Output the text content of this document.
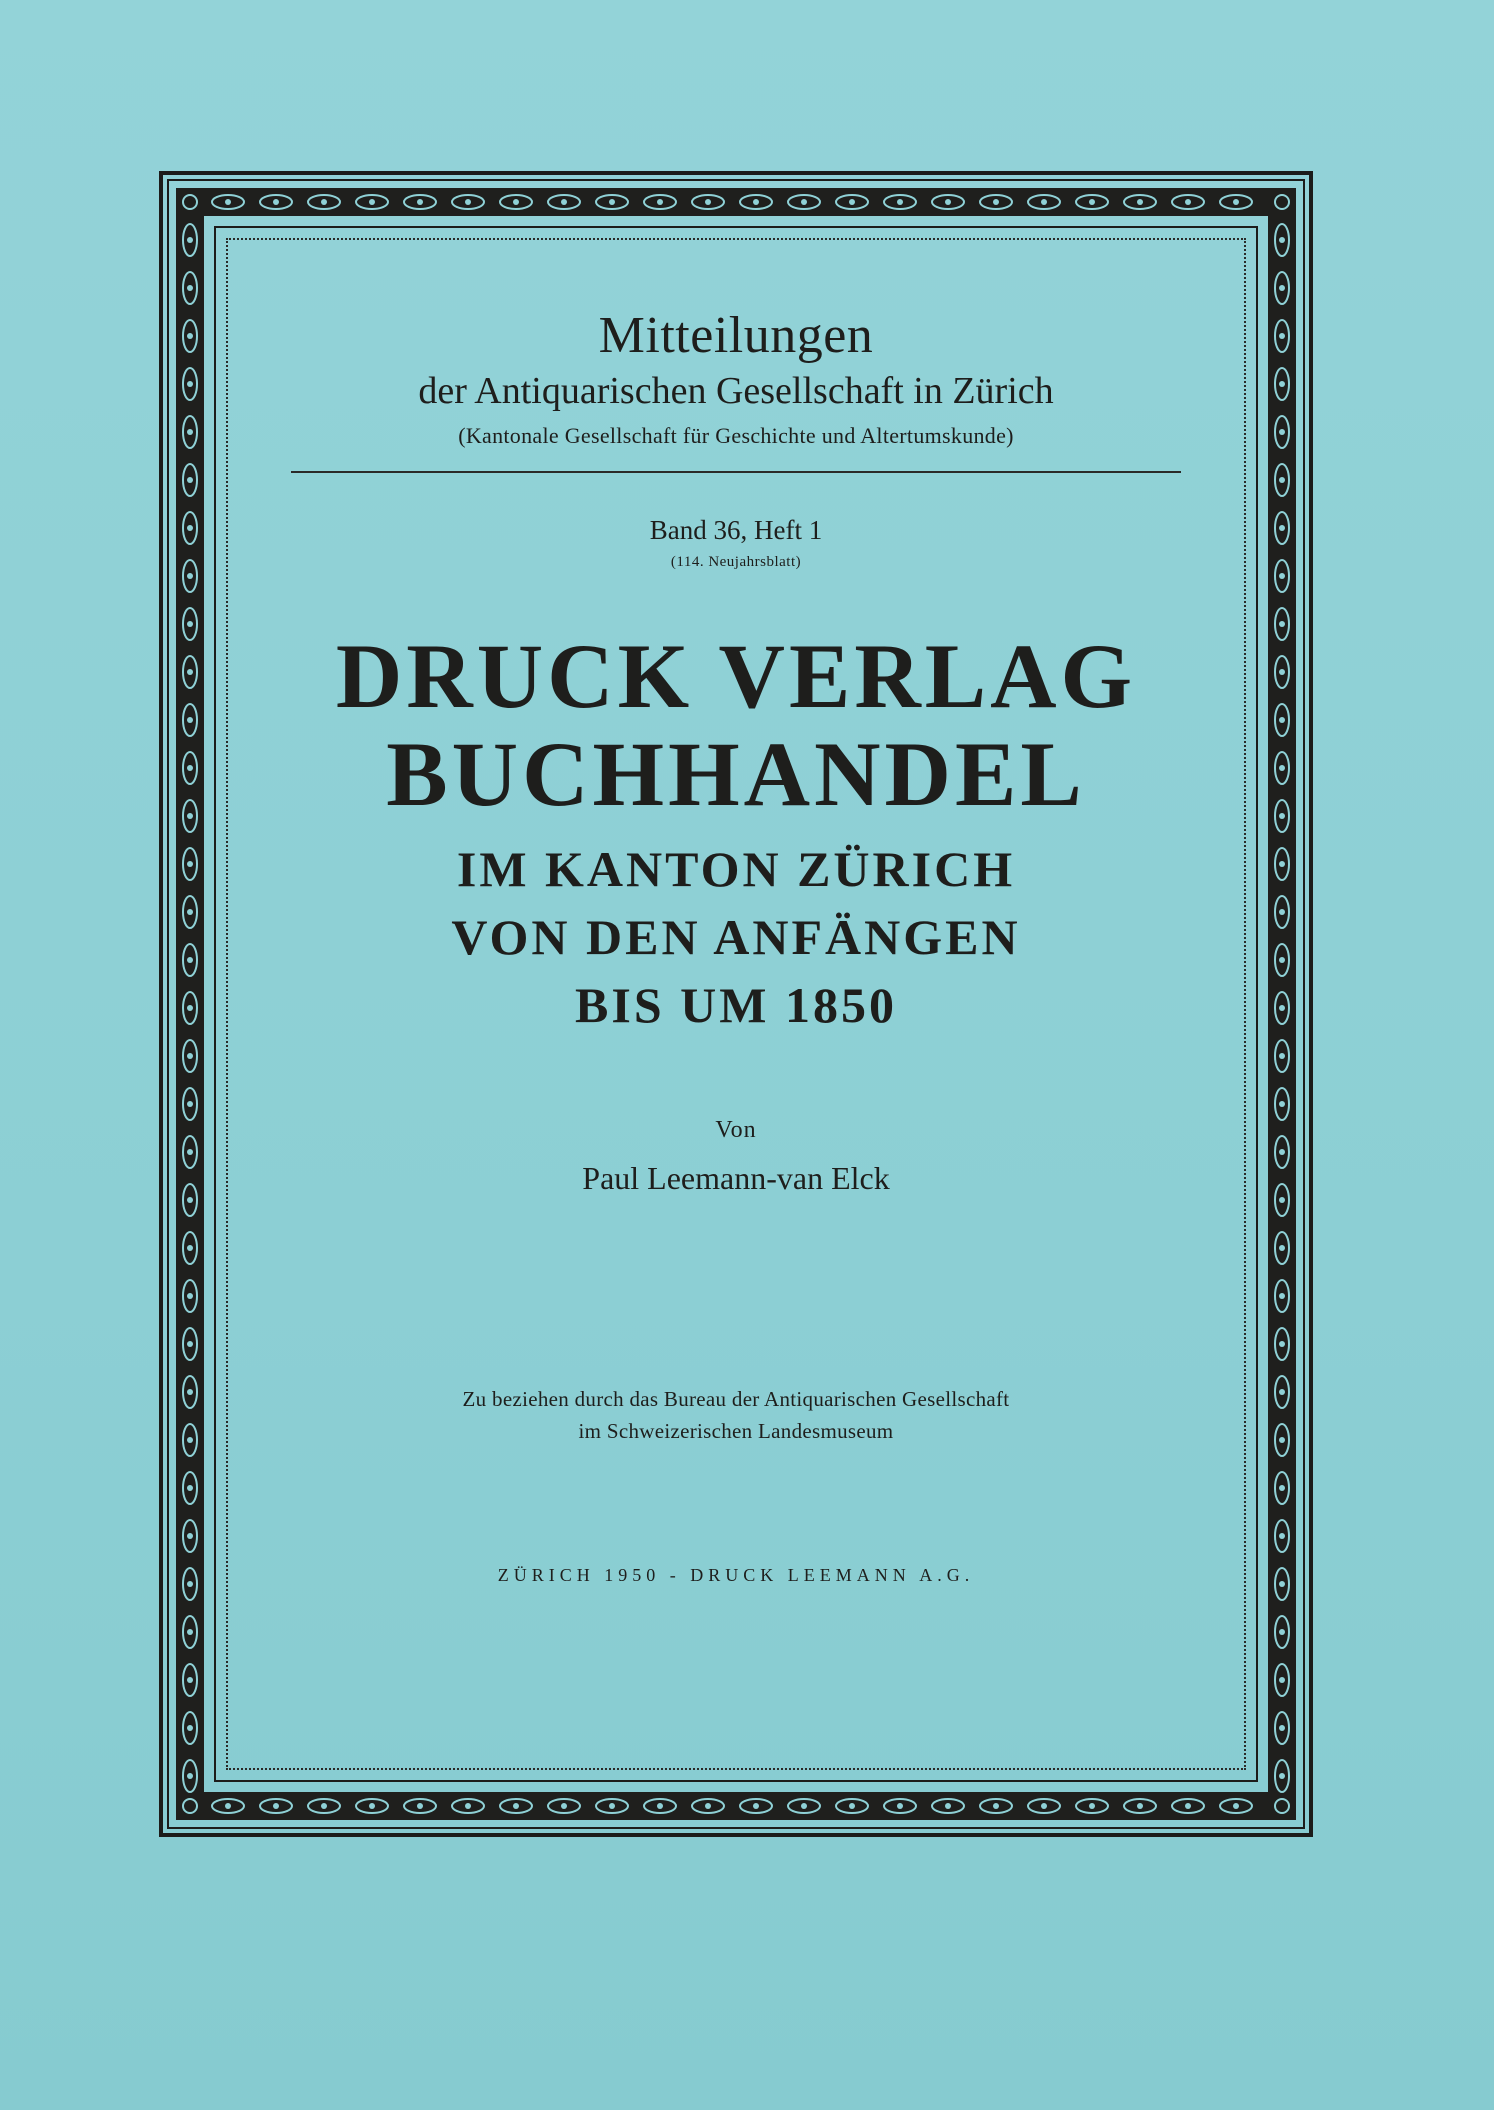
Mitteilungen

der Antiquarischen Gesellschaft in Zürich

(Kantonale Gesellschaft für Geschichte und Altertumskunde)

Band 36, Heft 1

(114. Neujahrsblatt)

DRUCK VERLAG

BUCHHANDEL

IM KANTON ZÜRICH

VON DEN ANFÄNGEN

BIS UM 1850

Von

Paul Leemann-van Elck

Zu beziehen durch das Bureau der Antiquarischen Gesellschaft

im Schweizerischen Landesmuseum

ZÜRICH 1950 - DRUCK LEEMANN A.G.
